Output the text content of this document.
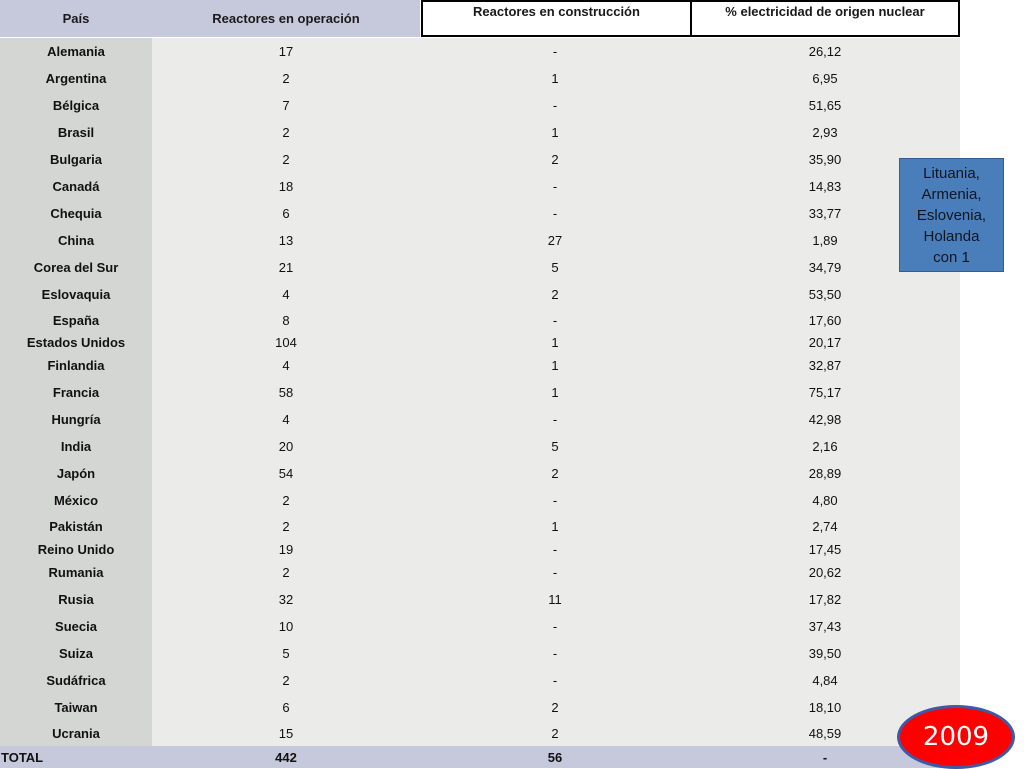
País	Reactores en operación	Reactores en construcción	% electricidad de origen nuclear
Alemania	17	-	26,12
Argentina	2	1	6,95
Bélgica	7	-	51,65
Brasil	2	1	2,93
Bulgaria	2	2	35,90
Canadá	18	-	14,83
Chequia	6	-	33,77
China	13	27	1,89
Corea del Sur	21	5	34,79
Eslovaquia	4	2	53,50
España	8	-	17,60
Estados Unidos	104	1	20,17
Finlandia	4	1	32,87
Francia	58	1	75,17
Hungría	4	-	42,98
India	20	5	2,16
Japón	54	2	28,89
México	2	-	4,80
Pakistán	2	1	2,74
Reino Unido	19	-	17,45
Rumania	2	-	20,62
Rusia	32	11	17,82
Suecia	10	-	37,43
Suiza	5	-	39,50
Sudáfrica	2	-	4,84
Taiwan	6	2	18,10
Ucrania	15	2	48,59
TOTAL	442	56	-
Lituania,
Armenia,
Eslovenia,
Holanda
con 1
2009
